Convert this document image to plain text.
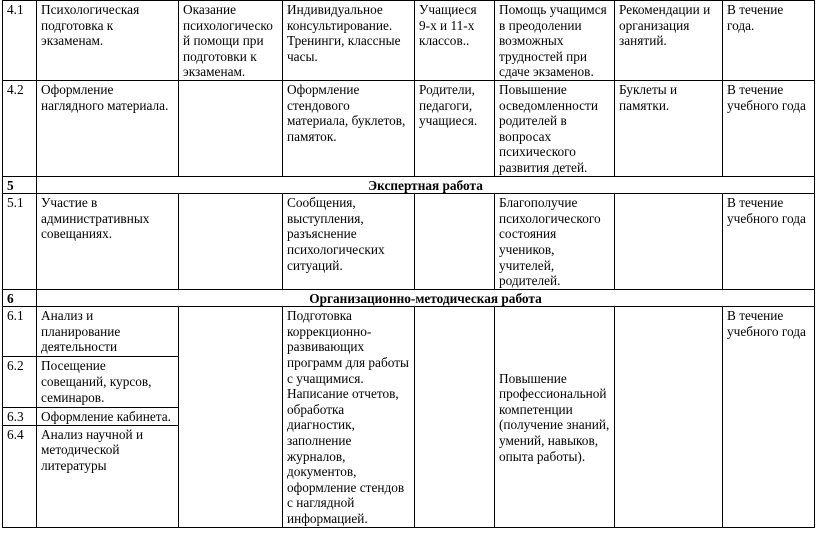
4.1	Психологическая подготовка к экзаменам.	Оказание психологическо й помощи при подготовки к экзаменам.	Индивидуальное консультирование. Тренинги, классные часы.	Учащиеся 9-х и 11-х классов..	Помощь учащимся в преодолении возможных трудностей при сдаче экзаменов.	Рекомендации и организация занятий.	В течение года.
4.2	Оформление наглядного материала.		Оформление стендового материала, буклетов, памяток.	Родители, педагоги, учащиеся.	Повышение осведомленности родителей в вопросах психического развития детей.	Буклеты и памятки.	В течение учебного года
5	Экспертная работа						
5.1	Участие в административных совещаниях.		Сообщения, выступления, разъяснение психологических ситуаций.		Благополучие психологического состояния учеников, учителей, родителей.		В течение учебного года
6	Организационно-методическая работа						
6.1	Анализ и планирование деятельности		Подготовка коррекционно-развивающих программ для работы с учащимися. Написание отчетов, обработка диагностик, заполнение журналов, документов, оформление стендов с наглядной информацией.		Повышение профессиональной компетенции (получение знаний, умений, навыков, опыта работы).		В течение учебного года
6.2	Посещение совещаний, курсов, семинаров.						
6.3	Оформление кабинета.						
6.4	Анализ научной и методической литературы						
